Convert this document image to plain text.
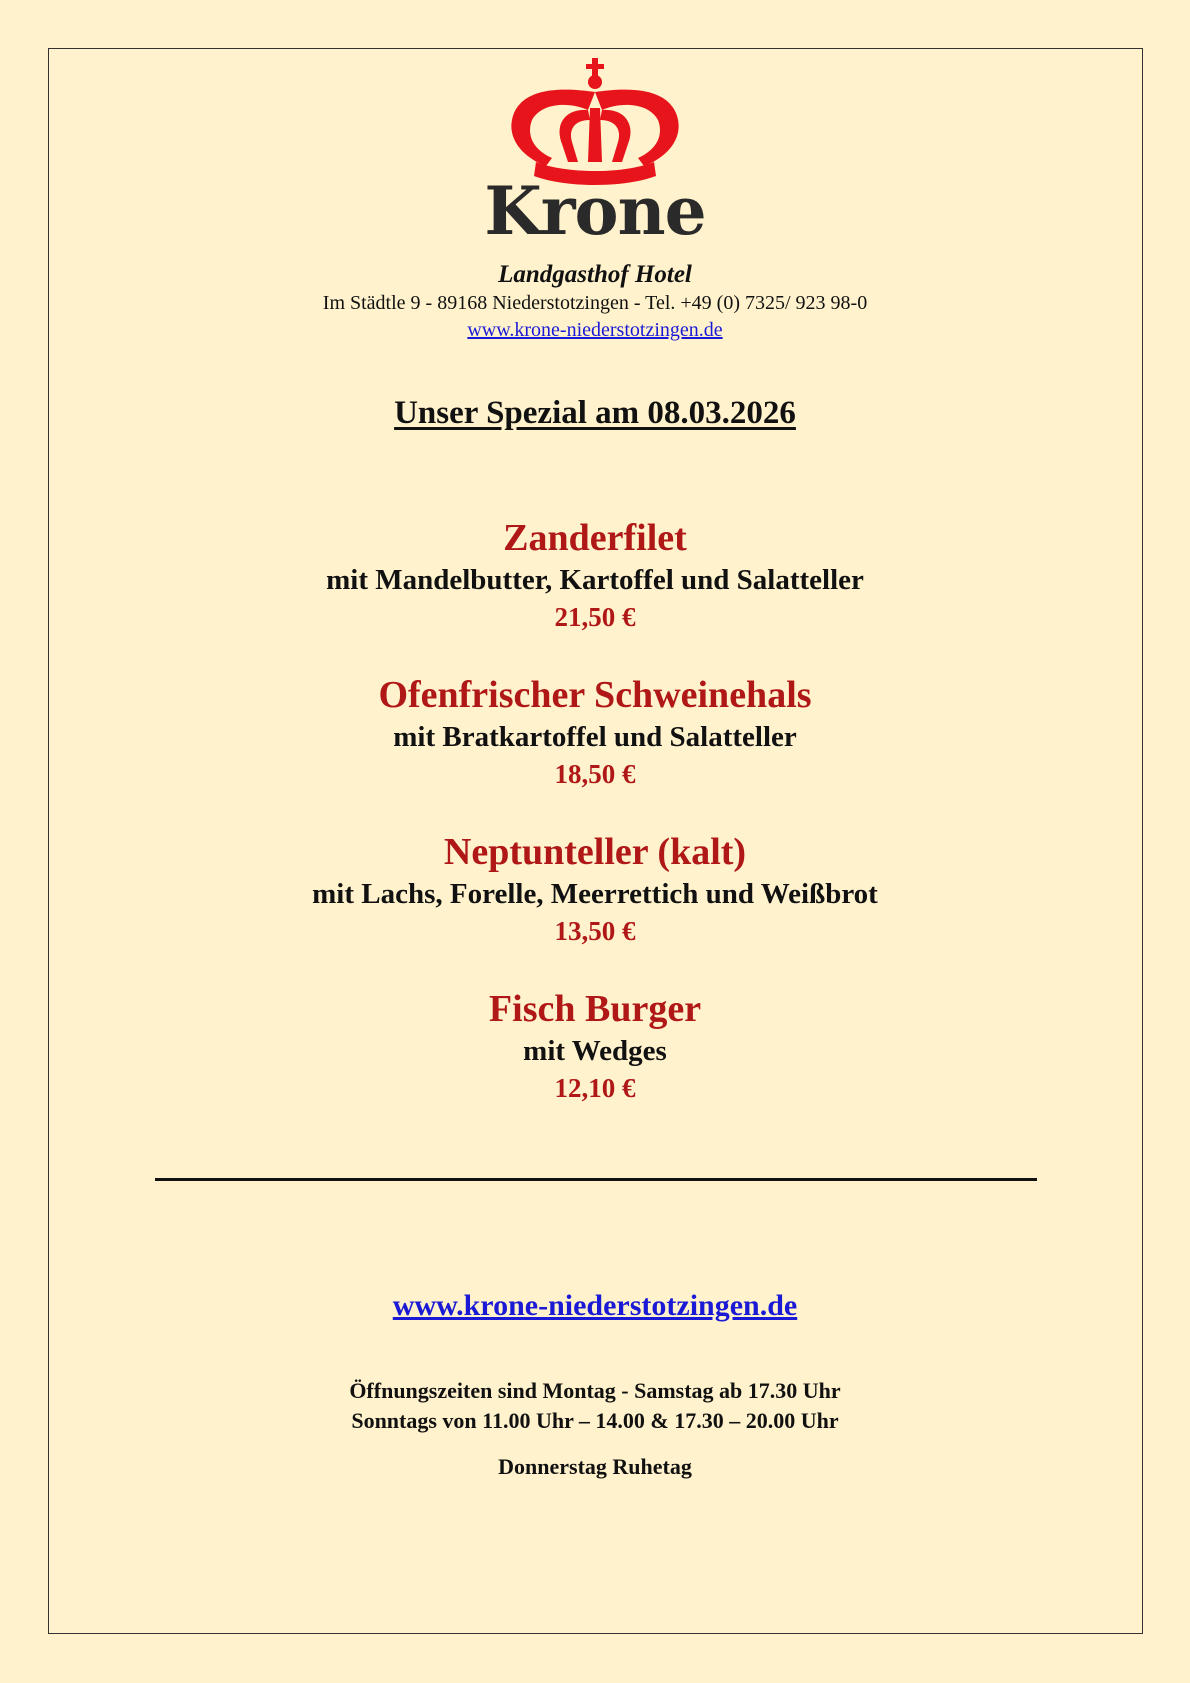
Krone
Landgasthof Hotel
Im Städtle 9 - 89168 Niederstotzingen - Tel. +49 (0) 7325/ 923 98-0
www.krone-niederstotzingen.de
Unser Spezial am 08.03.2026
Zanderfilet
mit Mandelbutter, Kartoffel und Salatteller
21,50 €
Ofenfrischer Schweinehals
mit Bratkartoffel und Salatteller
18,50 €
Neptunteller (kalt)
mit Lachs, Forelle, Meerrettich und Weißbrot
13,50 €
Fisch Burger
mit Wedges
12,10 €
www.krone-niederstotzingen.de
Öffnungszeiten sind Montag - Samstag ab 17.30 Uhr
Sonntags von 11.00 Uhr – 14.00 & 17.30 – 20.00 Uhr
Donnerstag Ruhetag
